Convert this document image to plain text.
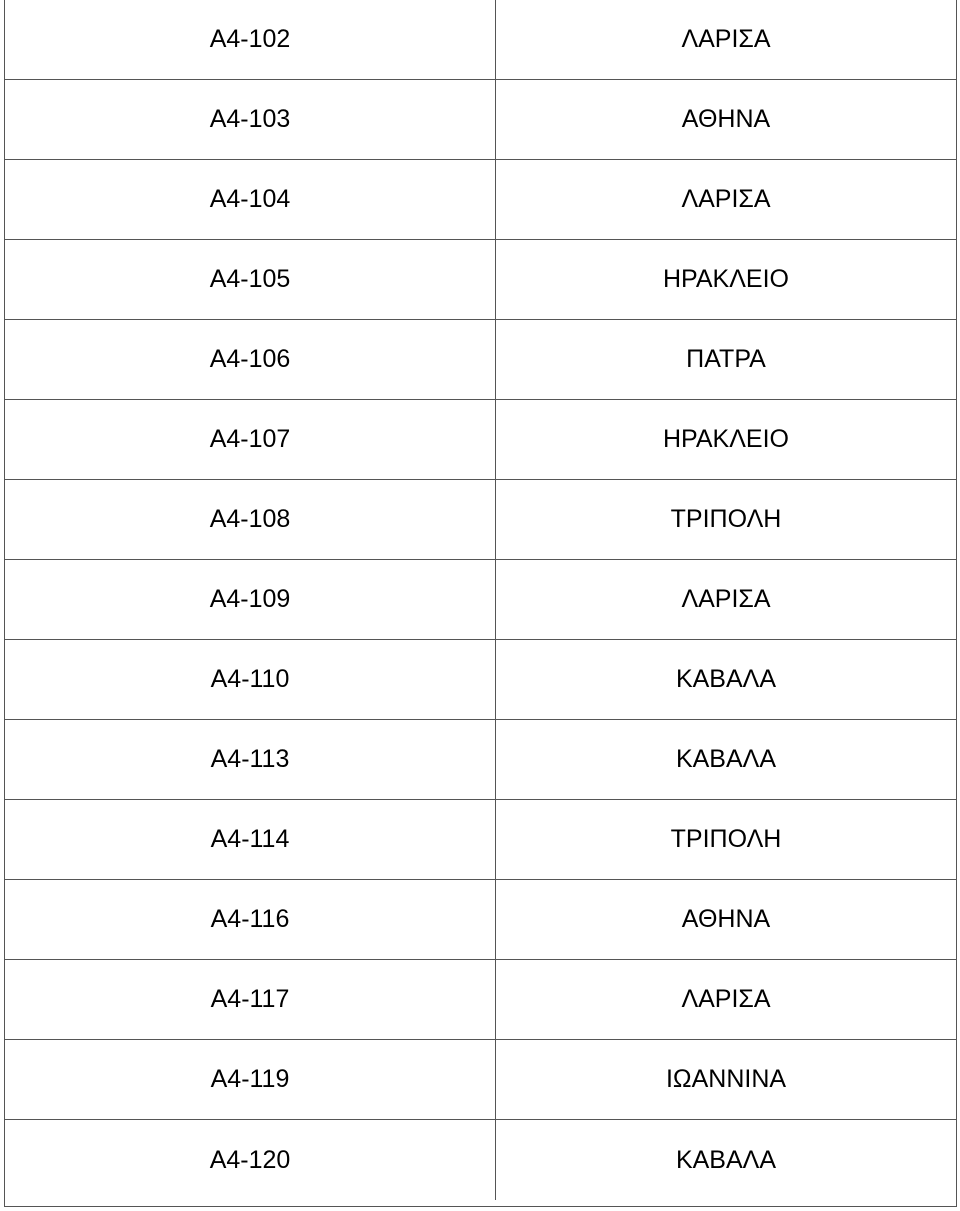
A4-102	ΛΑΡΙΣΑ
A4-103	ΑΘΗΝΑ
A4-104	ΛΑΡΙΣΑ
A4-105	ΗΡΑΚΛΕΙΟ
A4-106	ΠΑΤΡΑ
A4-107	ΗΡΑΚΛΕΙΟ
A4-108	ΤΡΙΠΟΛΗ
A4-109	ΛΑΡΙΣΑ
A4-110	ΚΑΒΑΛΑ
A4-113	ΚΑΒΑΛΑ
A4-114	ΤΡΙΠΟΛΗ
A4-116	ΑΘΗΝΑ
A4-117	ΛΑΡΙΣΑ
A4-119	ΙΩΑΝΝΙΝΑ
A4-120	ΚΑΒΑΛΑ
